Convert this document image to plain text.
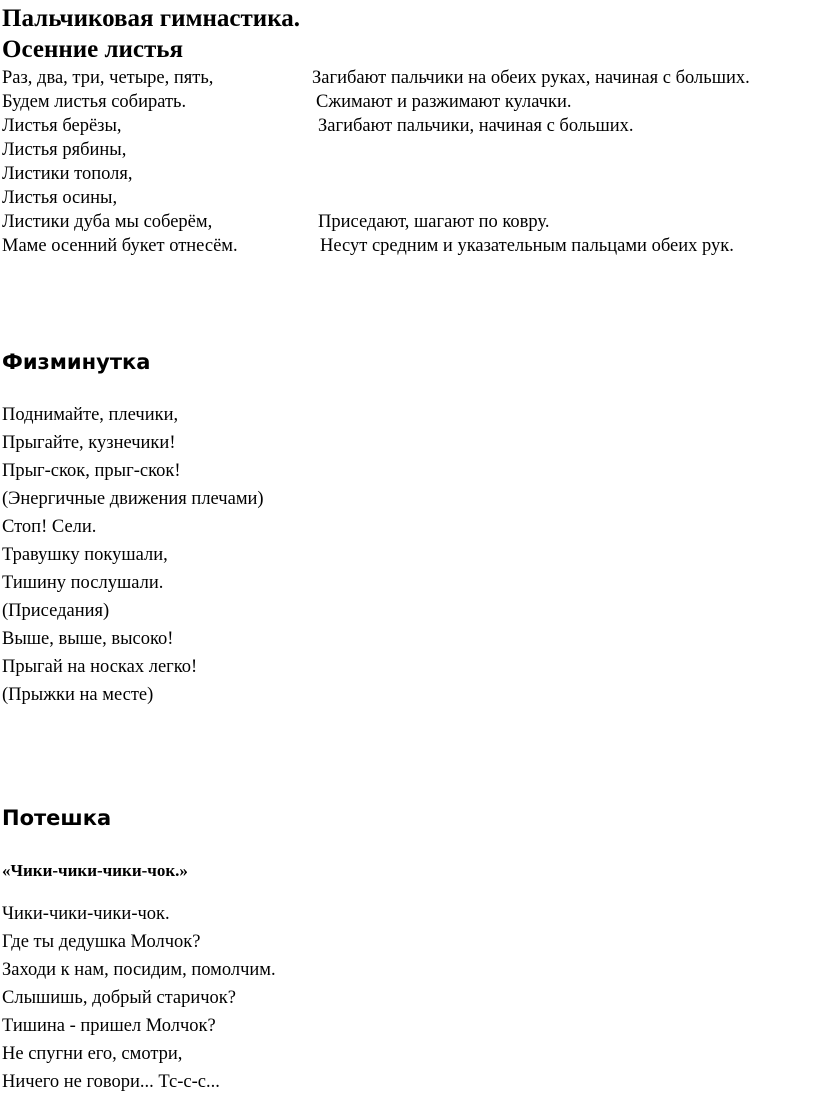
Пальчиковая гимнастика.
Осенние листья
Раз, два, три, четыре, пять,	Загибают пальчики на обеих руках, начиная с больших.
Будем листья собирать.	Сжимают и разжимают кулачки.
Листья берёзы,	Загибают пальчики, начиная с больших.
Листья рябины,
Листики тополя,
Листья осины,
Листики дуба мы соберём,	Приседают, шагают по ковру.
Маме осенний букет отнесём.	Несут средним и указательным пальцами обеих рук.
Физминутка
Поднимайте, плечики,
Прыгайте, кузнечики!
Прыг-скок, прыг-скок!
(Энергичные движения плечами)
Стоп! Сели.
Травушку покушали,
Тишину послушали.
(Приседания)
Выше, выше, высоко!
Прыгай на носках легко!
(Прыжки на месте)
Потешка
«Чики-чики-чики-чок.»
Чики-чики-чики-чок.
Где ты дедушка Молчок?
Заходи к нам, посидим, помолчим.
Слышишь, добрый старичок?
Тишина - пришел Молчок?
Не спугни его, смотри,
Ничего не говори... Тс-с-с...
